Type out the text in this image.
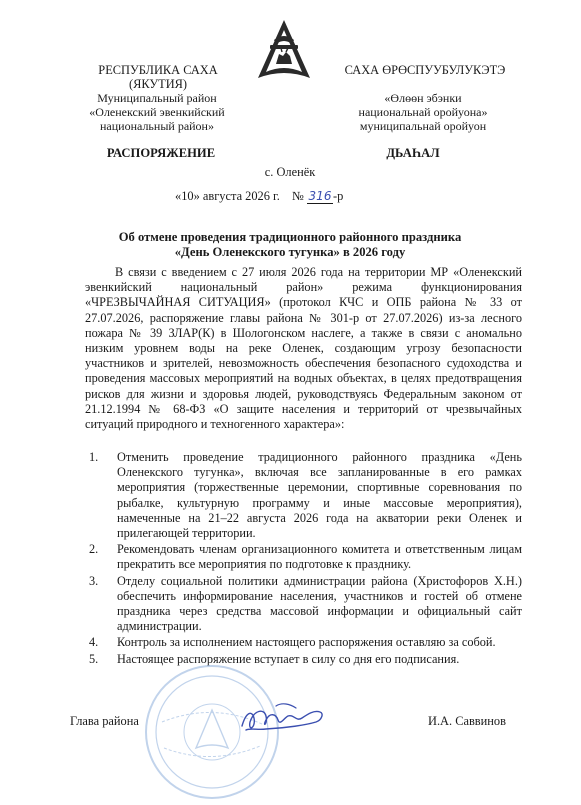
РЕСПУБЛИКА САХА (ЯКУТИЯ)
САХА ӨРӨСПУУБУЛУКЭТЭ
Муниципальный район
«Оленекский эвенкийский
национальный район»
«Өлөөн эбэнки
национальнай оройуона»
муниципальнай оройуон
РАСПОРЯЖЕНИЕ	ДЬАҺАЛ
с. Оленёк
«10» августа 2026 г. № 316 -р
Об отмене проведения традиционного районного праздника
«День Оленекского тугунка» в 2026 году
В связи с введением с 27 июля 2026 года на территории МР «Оленекский эвенкийский национальный район» режима функционирования «ЧРЕЗВЫЧАЙНАЯ СИТУАЦИЯ» (протокол КЧС и ОПБ района № 33 от 27.07.2026, распоряжение главы района № 301-р от 27.07.2026) из-за лесного пожара № 39 ЗЛАР(К) в Шологонском наслеге, а также в связи с аномально низким уровнем воды на реке Оленек, создающим угрозу безопасности участников и зрителей, невозможность обеспечения безопасного судоходства и проведения массовых мероприятий на водных объектах, в целях предотвращения рисков для жизни и здоровья людей, руководствуясь Федеральным законом от 21.12.1994 № 68-ФЗ «О защите населения и территорий от чрезвычайных ситуаций природного и техногенного характера»:
1.	Отменить проведение традиционного районного праздника «День Оленекского тугунка», включая все запланированные в его рамках мероприятия (торжественные церемонии, спортивные соревнования по рыбалке, культурную программу и иные массовые мероприятия), намеченные на 21–22 августа 2026 года на акватории реки Оленек и прилегающей территории.
2.	Рекомендовать членам организационного комитета и ответственным лицам прекратить все мероприятия по подготовке к празднику.
3.	Отделу социальной политики администрации района (Христофоров Х.Н.) обеспечить информирование населения, участников и гостей об отмене праздника через средства массовой информации и официальный сайт администрации.
4.	Контроль за исполнением настоящего распоряжения оставляю за собой.
5.	Настоящее распоряжение вступает в силу со дня его подписания.
Глава района	И.А. Саввинов
